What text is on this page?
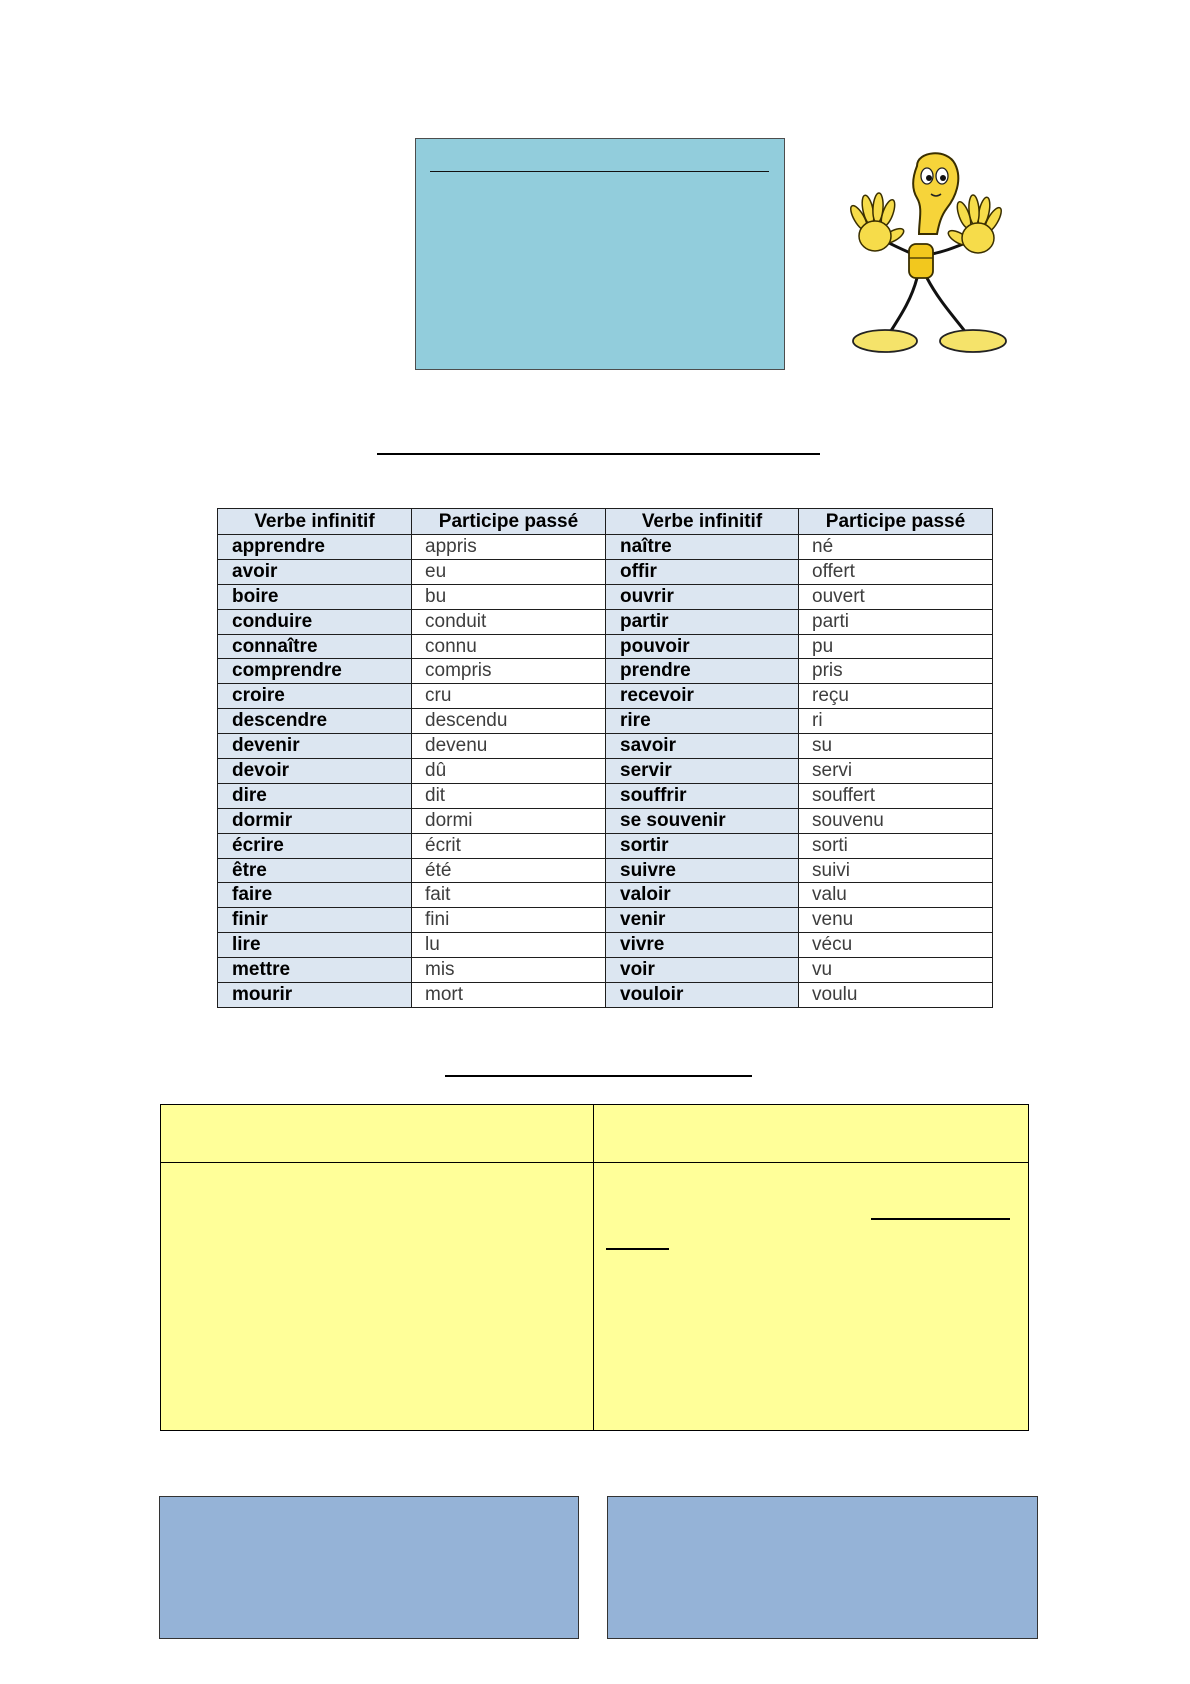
Verbe infinitif	Participe passé	Verbe infinitif	Participe passé
apprendre	appris	naître	né
avoir	eu	offir	offert
boire	bu	ouvrir	ouvert
conduire	conduit	partir	parti
connaître	connu	pouvoir	pu
comprendre	compris	prendre	pris
croire	cru	recevoir	reçu
descendre	descendu	rire	ri
devenir	devenu	savoir	su
devoir	dû	servir	servi
dire	dit	souffrir	souffert
dormir	dormi	se souvenir	souvenu
écrire	écrit	sortir	sorti
être	été	suivre	suivi
faire	fait	valoir	valu
finir	fini	venir	venu
lire	lu	vivre	vécu
mettre	mis	voir	vu
mourir	mort	vouloir	voulu
